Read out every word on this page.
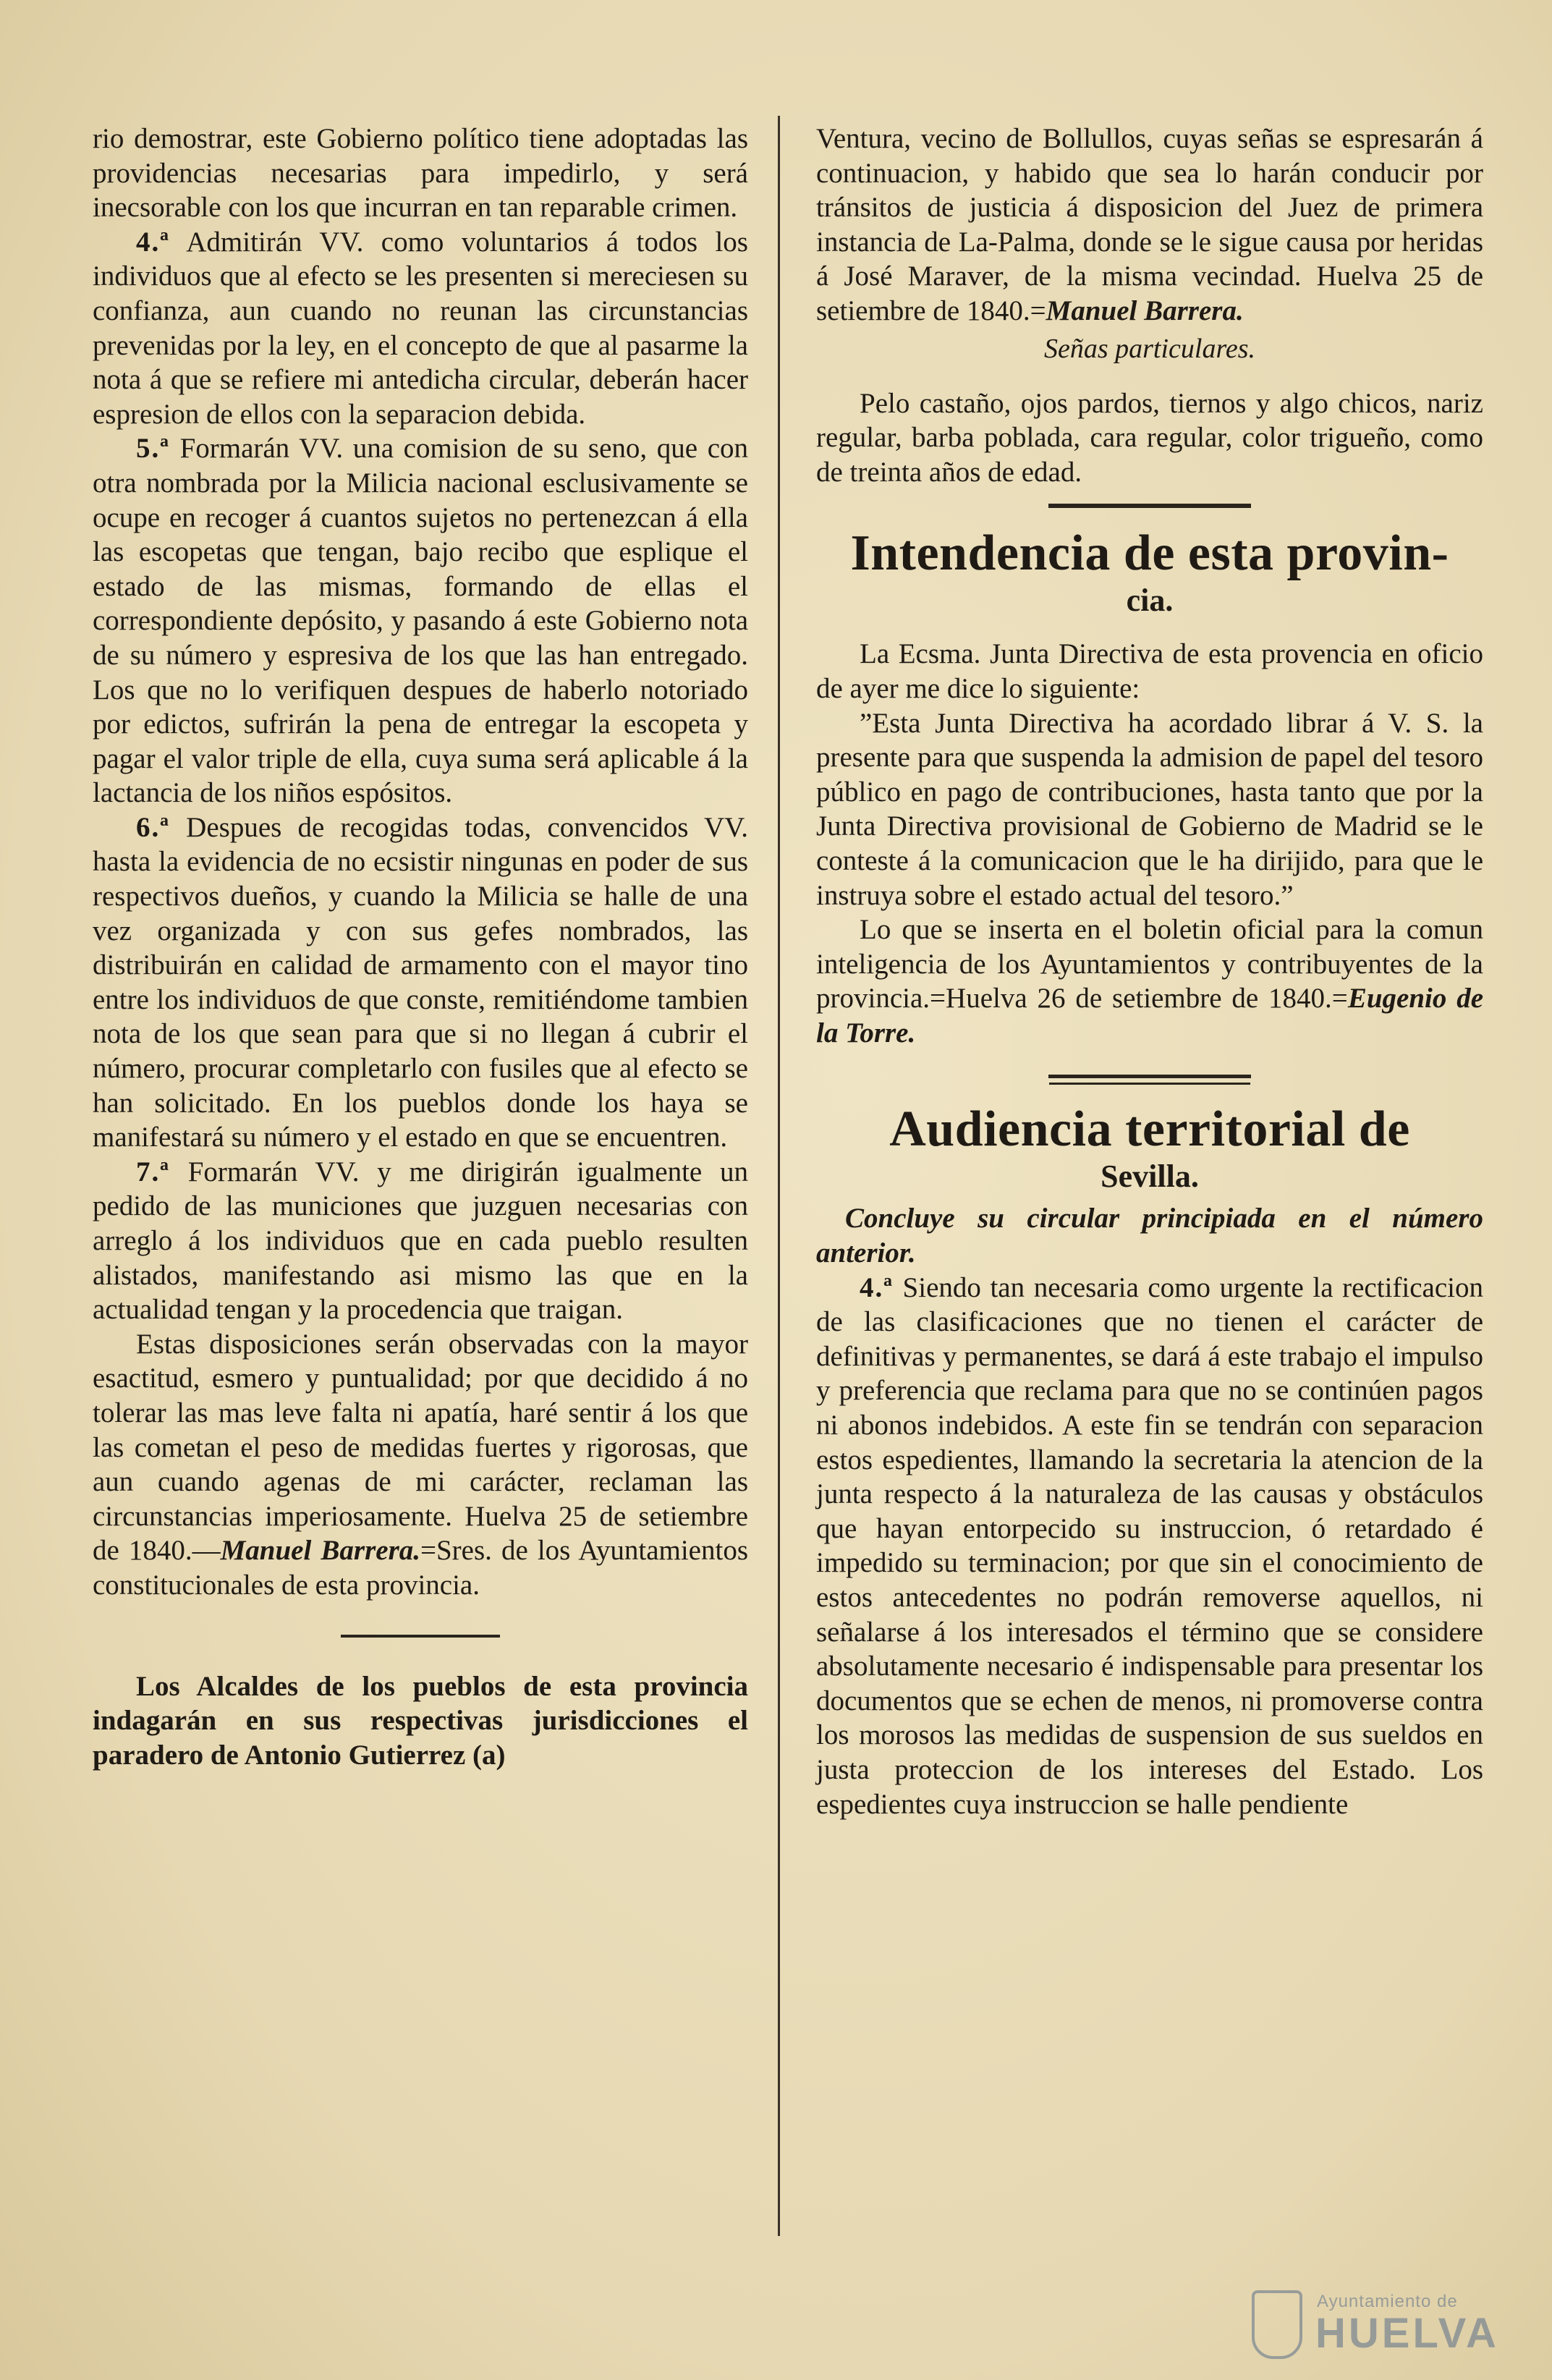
rio demostrar, este Gobierno político tiene adoptadas las providencias necesarias para impedirlo, y será inecsorable con los que incurran en tan reparable crimen.

4.ª Admitirán VV. como voluntarios á todos los individuos que al efecto se les presenten si mereciesen su confianza, aun cuando no reunan las circunstancias prevenidas por la ley, en el concepto de que al pasarme la nota á que se refiere mi antedicha circular, deberán hacer espresion de ellos con la separacion debida.

5.ª Formarán VV. una comision de su seno, que con otra nombrada por la Milicia nacional esclusivamente se ocupe en recoger á cuantos sujetos no pertenezcan á ella las escopetas que tengan, bajo recibo que esplique el estado de las mismas, formando de ellas el correspondiente depósito, y pasando á este Gobierno nota de su número y espresiva de los que las han entregado. Los que no lo verifiquen despues de haberlo notoriado por edictos, sufrirán la pena de entregar la escopeta y pagar el valor triple de ella, cuya suma será aplicable á la lactancia de los niños espósitos.

6.ª Despues de recogidas todas, convencidos VV. hasta la evidencia de no ecsistir ningunas en poder de sus respectivos dueños, y cuando la Milicia se halle de una vez organizada y con sus gefes nombrados, las distribuirán en calidad de armamento con el mayor tino entre los individuos de que conste, remitiéndome tambien nota de los que sean para que si no llegan á cubrir el número, procurar completarlo con fusiles que al efecto se han solicitado. En los pueblos donde los haya se manifestará su número y el estado en que se encuentren.

7.ª Formarán VV. y me dirigirán igualmente un pedido de las municiones que juzguen necesarias con arreglo á los individuos que en cada pueblo resulten alistados, manifestando asi mismo las que en la actualidad tengan y la procedencia que traigan.

Estas disposiciones serán observadas con la mayor esactitud, esmero y puntualidad; por que decidido á no tolerar las mas leve falta ni apatía, haré sentir á los que las cometan el peso de medidas fuertes y rigorosas, que aun cuando agenas de mi carácter, reclaman las circunstancias imperiosamente. Huelva 25 de setiembre de 1840.—Manuel Barrera.=Sres. de los Ayuntamientos constitucionales de esta provincia.

Los Alcaldes de los pueblos de esta provincia indagarán en sus respectivas jurisdicciones el paradero de Antonio Gutierrez (a)

Ventura, vecino de Bollullos, cuyas señas se espresarán á continuacion, y habido que sea lo harán conducir por tránsitos de justicia á disposicion del Juez de primera instancia de La-Palma, donde se le sigue causa por heridas á José Maraver, de la misma vecindad. Huelva 25 de setiembre de 1840.=Manuel Barrera.

Señas particulares.

Pelo castaño, ojos pardos, tiernos y algo chicos, nariz regular, barba poblada, cara regular, color trigueño, como de treinta años de edad.

Intendencia de esta provin-
cia.

La Ecsma. Junta Directiva de esta provencia en oficio de ayer me dice lo siguiente:

”Esta Junta Directiva ha acordado librar á V. S. la presente para que suspenda la admision de papel del tesoro público en pago de contribuciones, hasta tanto que por la Junta Directiva provisional de Gobierno de Madrid se le conteste á la comunicacion que le ha dirijido, para que le instruya sobre el estado actual del tesoro.”

Lo que se inserta en el boletin oficial para la comun inteligencia de los Ayuntamientos y contribuyentes de la provincia.=Huelva 26 de setiembre de 1840.=Eugenio de la Torre.

Audiencia territorial de
Sevilla.

Concluye su circular principiada en el número anterior.

4.ª Siendo tan necesaria como urgente la rectificacion de las clasificaciones que no tienen el carácter de definitivas y permanentes, se dará á este trabajo el impulso y preferencia que reclama para que no se continúen pagos ni abonos indebidos. A este fin se tendrán con separacion estos espedientes, llamando la secretaria la atencion de la junta respecto á la naturaleza de las causas y obstáculos que hayan entorpecido su instruccion, ó retardado é impedido su terminacion; por que sin el conocimiento de estos antecedentes no podrán removerse aquellos, ni señalarse á los interesados el término que se considere absolutamente necesario é indispensable para presentar los documentos que se echen de menos, ni promoverse contra los morosos las medidas de suspension de sus sueldos en justa proteccion de los intereses del Estado. Los espedientes cuya instruccion se halle pendiente

Ayuntamiento de
HUELVA
